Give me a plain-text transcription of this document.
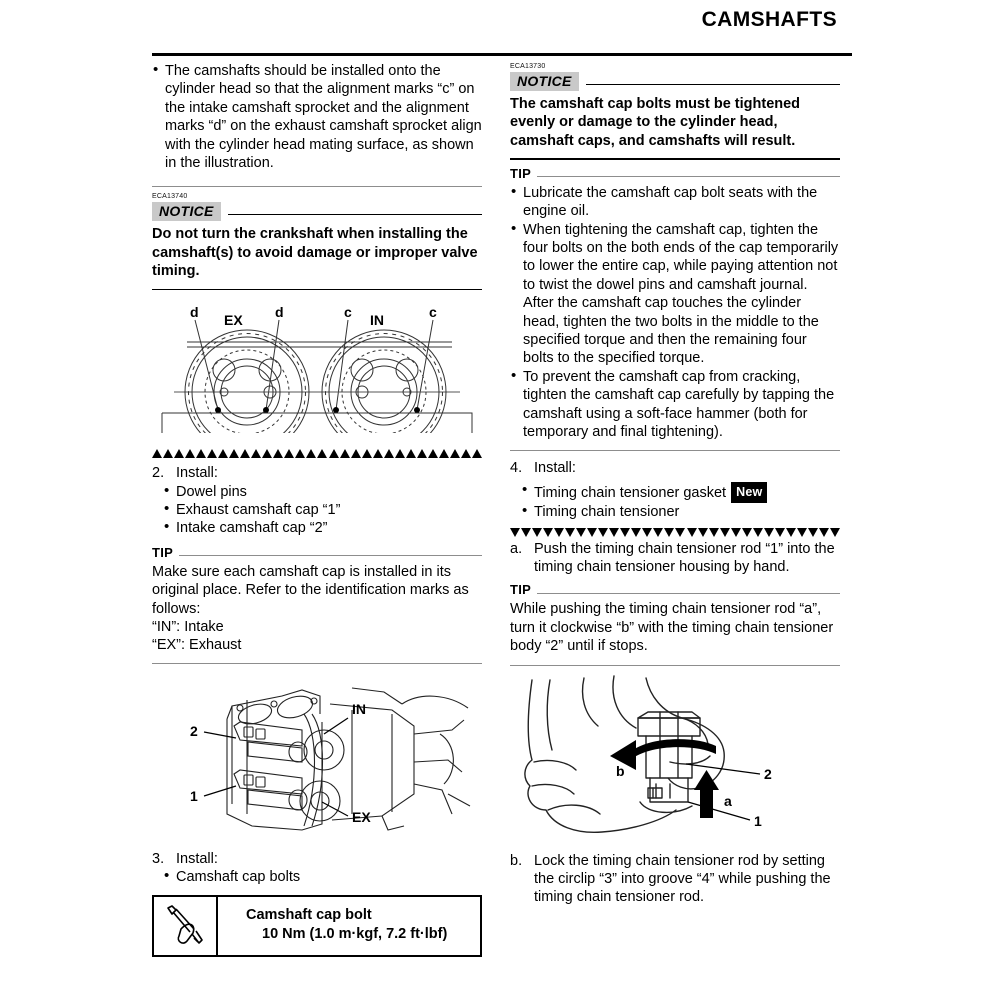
CAMSHAFTS
• The camshafts should be installed onto the cylinder head so that the alignment marks “c” on the intake camshaft sprocket and the alignment marks “d” on the exhaust camshaft sprocket align with the cylinder head mating surface, as shown in the illustration.
ECA13740
NOTICE
Do not turn the crankshaft when installing the camshaft(s) to avoid damage or improper valve timing.
d EX d	c IN	c
2. Install:
• Dowel pins
• Exhaust camshaft cap “1”
• Intake camshaft cap “2”
TIP
Make sure each camshaft cap is installed in its original place. Refer to the identification marks as follows:
“IN”: Intake
“EX”: Exhaust
2
1
IN
EX
3. Install:
• Camshaft cap bolts
Camshaft cap bolt
10 Nm (1.0 m·kgf, 7.2 ft·lbf)
ECA13730
NOTICE
The camshaft cap bolts must be tightened evenly or damage to the cylinder head, camshaft caps, and camshafts will result.
TIP
• Lubricate the camshaft cap bolt seats with the engine oil.
• When tightening the camshaft cap, tighten the four bolts on the both ends of the cap temporarily to lower the entire cap, while paying attention not to twist the dowel pins and camshaft journal. After the camshaft cap touches the cylinder head, tighten the two bolts in the middle to the specified torque and then the remaining four bolts to the specified torque.
• To prevent the camshaft cap from cracking, tighten the camshaft cap carefully by tapping the camshaft using a soft-face hammer (both for temporary and final tightening).
4. Install:
• Timing chain tensioner gasket New
• Timing chain tensioner
a. Push the timing chain tensioner rod “1” into the timing chain tensioner housing by hand.
TIP
While pushing the timing chain tensioner rod “a”, turn it clockwise “b” with the timing chain tensioner body “2” until if stops.
b
a
2
1
b. Lock the timing chain tensioner rod by setting the circlip “3” into groove “4” while pushing the timing chain tensioner rod.
